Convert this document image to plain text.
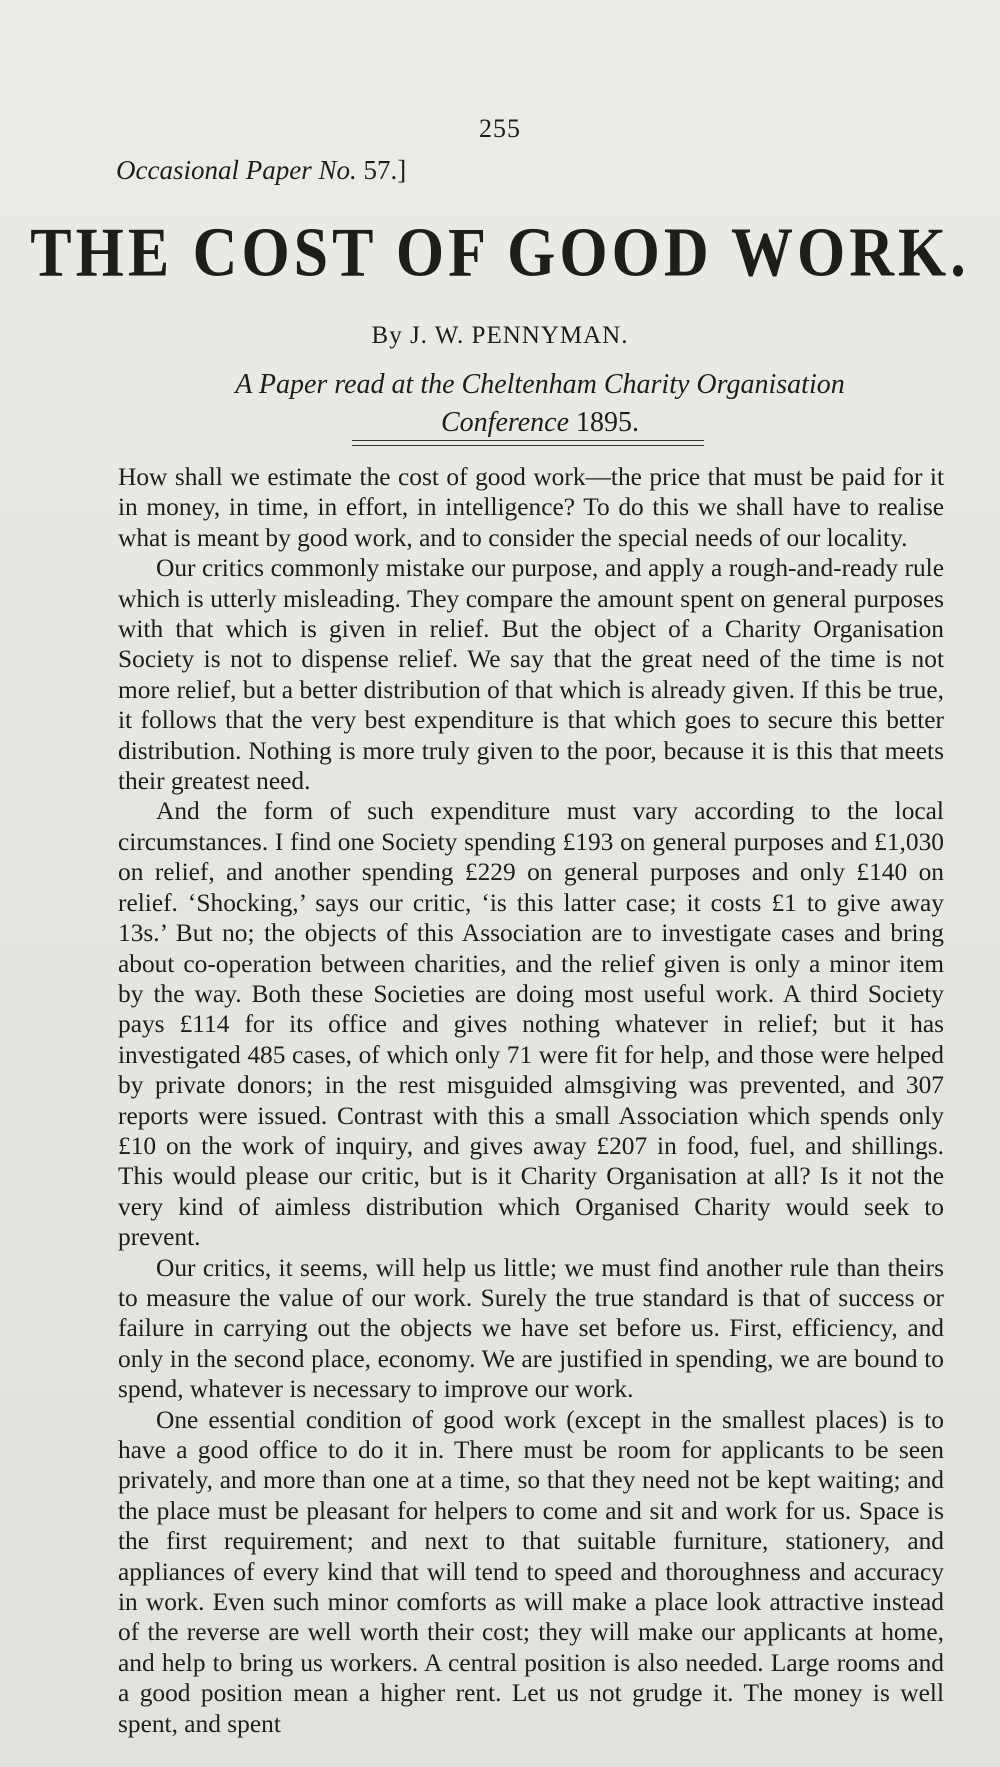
255
Occasional Paper No. 57.]
THE COST OF GOOD WORK.
By J. W. PENNYMAN.
A Paper read at the Cheltenham Charity Organisation Conference 1895.

How shall we estimate the cost of good work—the price that must be paid for it in money, in time, in effort, in intelligence? To do this we shall have to realise what is meant by good work, and to consider the special needs of our locality.

Our critics commonly mistake our purpose, and apply a rough-and-ready rule which is utterly misleading. They compare the amount spent on general purposes with that which is given in relief. But the object of a Charity Organisation Society is not to dispense relief. We say that the great need of the time is not more relief, but a better distribution of that which is already given. If this be true, it follows that the very best expenditure is that which goes to secure this better distribution. Nothing is more truly given to the poor, because it is this that meets their greatest need.

And the form of such expenditure must vary according to the local circumstances. I find one Society spending £193 on general purposes and £1,030 on relief, and another spending £229 on general purposes and only £140 on relief. ‘Shocking,’ says our critic, ‘is this latter case; it costs £1 to give away 13s.’ But no; the objects of this Association are to investigate cases and bring about co-operation between charities, and the relief given is only a minor item by the way. Both these Societies are doing most useful work. A third Society pays £114 for its office and gives nothing whatever in relief; but it has investigated 485 cases, of which only 71 were fit for help, and those were helped by private donors; in the rest misguided almsgiving was prevented, and 307 reports were issued. Contrast with this a small Association which spends only £10 on the work of inquiry, and gives away £207 in food, fuel, and shillings. This would please our critic, but is it Charity Organisation at all? Is it not the very kind of aimless distribution which Organised Charity would seek to prevent.

Our critics, it seems, will help us little; we must find another rule than theirs to measure the value of our work. Surely the true standard is that of success or failure in carrying out the objects we have set before us. First, efficiency, and only in the second place, economy. We are justified in spending, we are bound to spend, whatever is necessary to improve our work.

One essential condition of good work (except in the smallest places) is to have a good office to do it in. There must be room for applicants to be seen privately, and more than one at a time, so that they need not be kept waiting; and the place must be pleasant for helpers to come and sit and work for us. Space is the first requirement; and next to that suitable furniture, stationery, and appliances of every kind that will tend to speed and thoroughness and accuracy in work. Even such minor comforts as will make a place look attractive instead of the reverse are well worth their cost; they will make our applicants at home, and help to bring us workers. A central position is also needed. Large rooms and a good position mean a higher rent. Let us not grudge it. The money is well spent, and spent
